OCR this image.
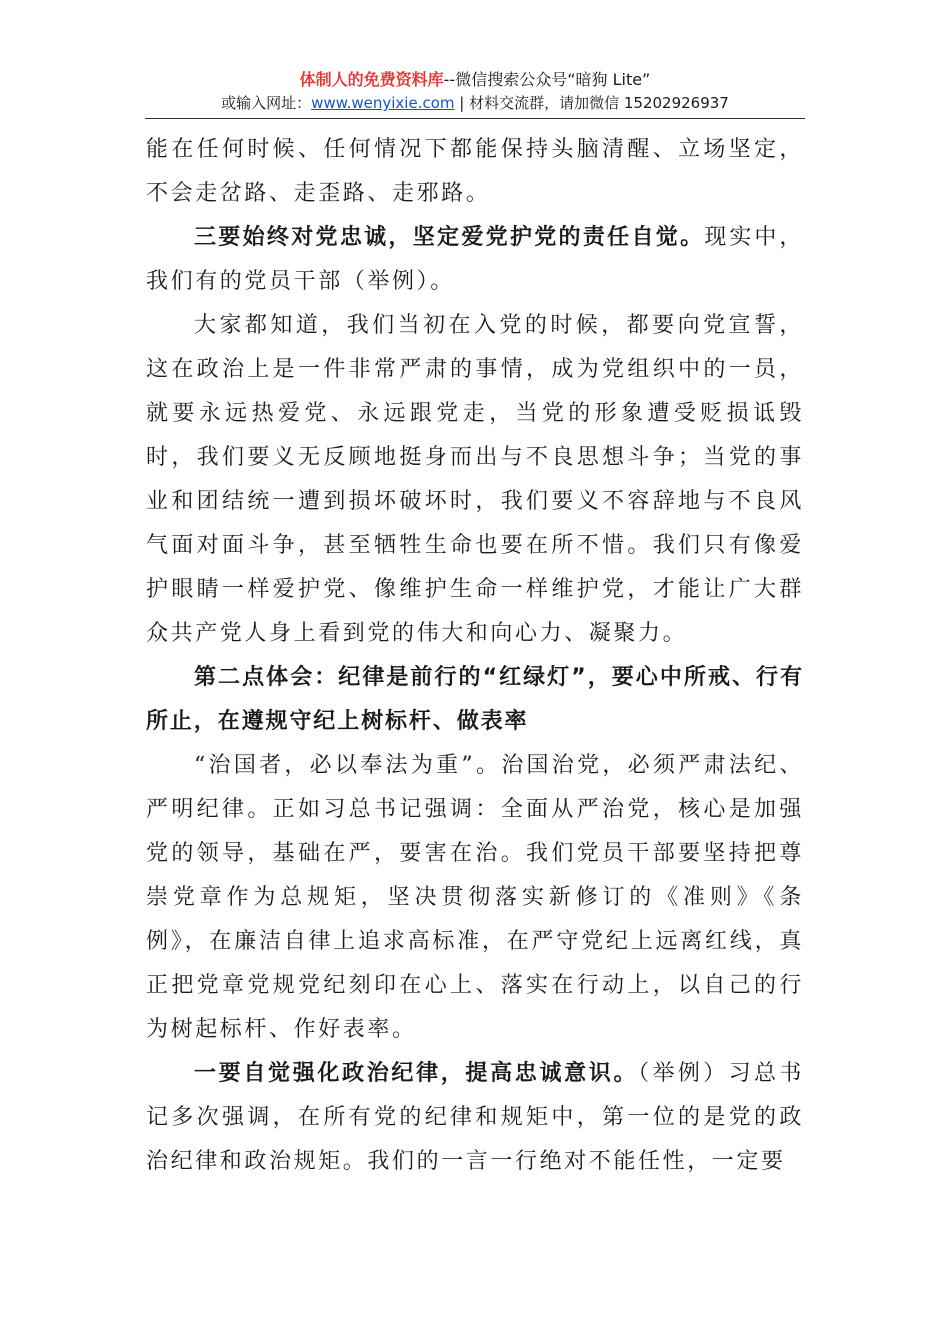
体制人的免费资料库--微信搜索公众号“暗狗 Lite”
或输入网址：www.wenyixie.com | 材料交流群，请加微信 15202926937

能在任何时候、任何情况下都能保持头脑清醒、立场坚定，不会走岔路、走歪路、走邪路。

三要始终对党忠诚，坚定爱党护党的责任自觉。现实中，我们有的党员干部（举例）。

大家都知道，我们当初在入党的时候，都要向党宣誓，这在政治上是一件非常严肃的事情，成为党组织中的一员，就要永远热爱党、永远跟党走，当党的形象遭受贬损诋毁时，我们要义无反顾地挺身而出与不良思想斗争；当党的事业和团结统一遭到损坏破坏时，我们要义不容辞地与不良风气面对面斗争，甚至牺牲生命也要在所不惜。我们只有像爱护眼睛一样爱护党、像维护生命一样维护党，才能让广大群众共产党人身上看到党的伟大和向心力、凝聚力。

第二点体会：纪律是前行的“红绿灯”，要心中所戒、行有所止，在遵规守纪上树标杆、做表率

“治国者，必以奉法为重”。治国治党，必须严肃法纪、严明纪律。正如习总书记强调：全面从严治党，核心是加强党的领导，基础在严，要害在治。我们党员干部要坚持把尊崇党章作为总规矩，坚决贯彻落实新修订的《准则》《条例》，在廉洁自律上追求高标准，在严守党纪上远离红线，真正把党章党规党纪刻印在心上、落实在行动上，以自己的行为树起标杆、作好表率。

一要自觉强化政治纪律，提高忠诚意识。（举例）习总书记多次强调，在所有党的纪律和规矩中，第一位的是党的政治纪律和政治规矩。我们的一言一行绝对不能任性，一定要
